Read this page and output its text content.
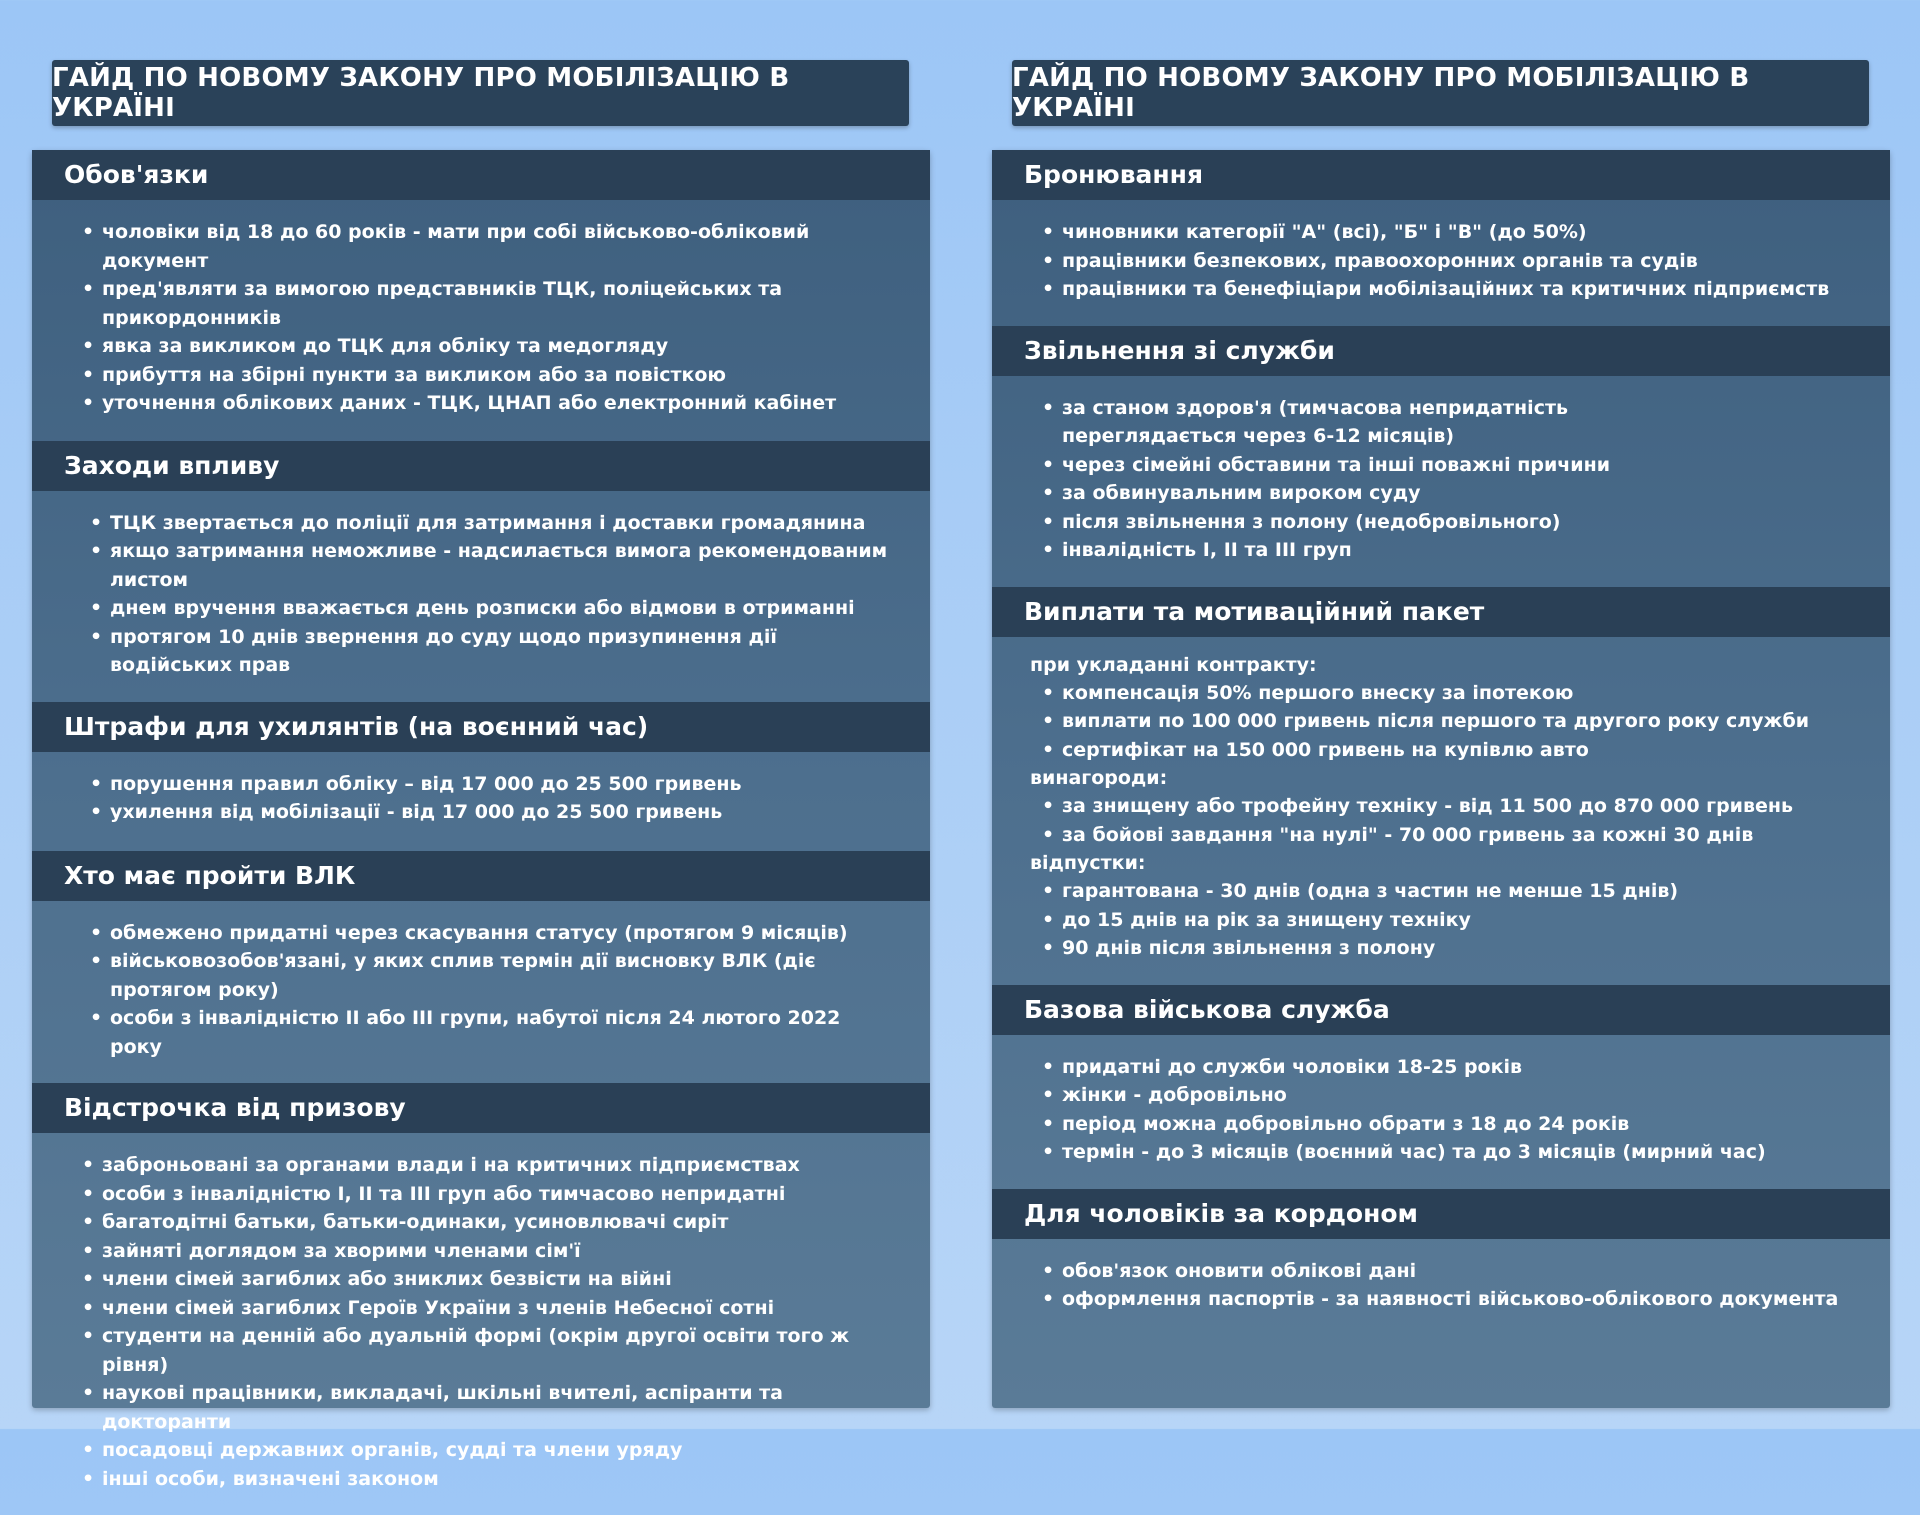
ГАЙД ПО НОВОМУ ЗАКОНУ ПРО МОБІЛІЗАЦІЮ В УКРАЇНІ
Обов'язки
• чоловіки від 18 до 60 років - мати при собі військово-обліковий документ
• пред'являти за вимогою представників ТЦК, поліцейських та прикордонників
• явка за викликом до ТЦК для обліку та медогляду
• прибуття на збірні пункти за викликом або за повісткою
• уточнення облікових даних - ТЦК, ЦНАП або електронний кабінет
Заходи впливу
• ТЦК звертається до поліції для затримання і доставки громадянина
• якщо затримання неможливе - надсилається вимога рекомендованим листом
• днем вручення вважається день розписки або відмови в отриманні
• протягом 10 днів звернення до суду щодо призупинення дії водійських прав
Штрафи для ухилянтів (на воєнний час)
• порушення правил обліку – від 17 000 до 25 500 гривень
• ухилення від мобілізації - від 17 000 до 25 500 гривень
Хто має пройти ВЛК
• обмежено придатні через скасування статусу (протягом 9 місяців)
• військовозобов'язані, у яких сплив термін дії висновку ВЛК (діє протягом року)
• особи з інвалідністю II або III групи, набутої після 24 лютого 2022 року
Відстрочка від призову
• заброньовані за органами влади і на критичних підприємствах
• особи з інвалідністю I, II та III груп або тимчасово непридатні
• багатодітні батьки, батьки-одинаки, усиновлювачі сиріт
• зайняті доглядом за хворими членами сім'ї
• члени сімей загиблих або зниклих безвісти на війні
• члени сімей загиблих Героїв України з членів Небесної сотні
• студенти на денній або дуальній формі (окрім другої освіти того ж рівня)
• наукові працівники, викладачі, шкільні вчителі, аспіранти та докторанти
• посадовці державних органів, судді та члени уряду
• інші особи, визначені законом
ГАЙД ПО НОВОМУ ЗАКОНУ ПРО МОБІЛІЗАЦІЮ В УКРАЇНІ
Бронювання
• чиновники категорії "А" (всі), "Б" і "В" (до 50%)
• працівники безпекових, правоохоронних органів та судів
• працівники та бенефіціари мобілізаційних та критичних підприємств
Звільнення зі служби
• за станом здоров'я (тимчасова непридатність переглядається через 6-12 місяців)
• через сімейні обставини та інші поважні причини
• за обвинувальним вироком суду
• після звільнення з полону (недобровільного)
• інвалідність I, II та III груп
Виплати та мотиваційний пакет
при укладанні контракту:
• компенсація 50% першого внеску за іпотекою
• виплати по 100 000 гривень після першого та другого року служби
• сертифікат на 150 000 гривень на купівлю авто
винагороди:
• за знищену або трофейну техніку - від 11 500 до 870 000 гривень
• за бойові завдання "на нулі" - 70 000 гривень за кожні 30 днів
відпустки:
• гарантована - 30 днів (одна з частин не менше 15 днів)
• до 15 днів на рік за знищену техніку
• 90 днів після звільнення з полону
Базова військова служба
• придатні до служби чоловіки 18-25 років
• жінки - добровільно
• період можна добровільно обрати з 18 до 24 років
• термін - до 3 місяців (воєнний час) та до 3 місяців (мирний час)
Для чоловіків за кордоном
• обов'язок оновити облікові дані
• оформлення паспортів - за наявності військово-облікового документа
